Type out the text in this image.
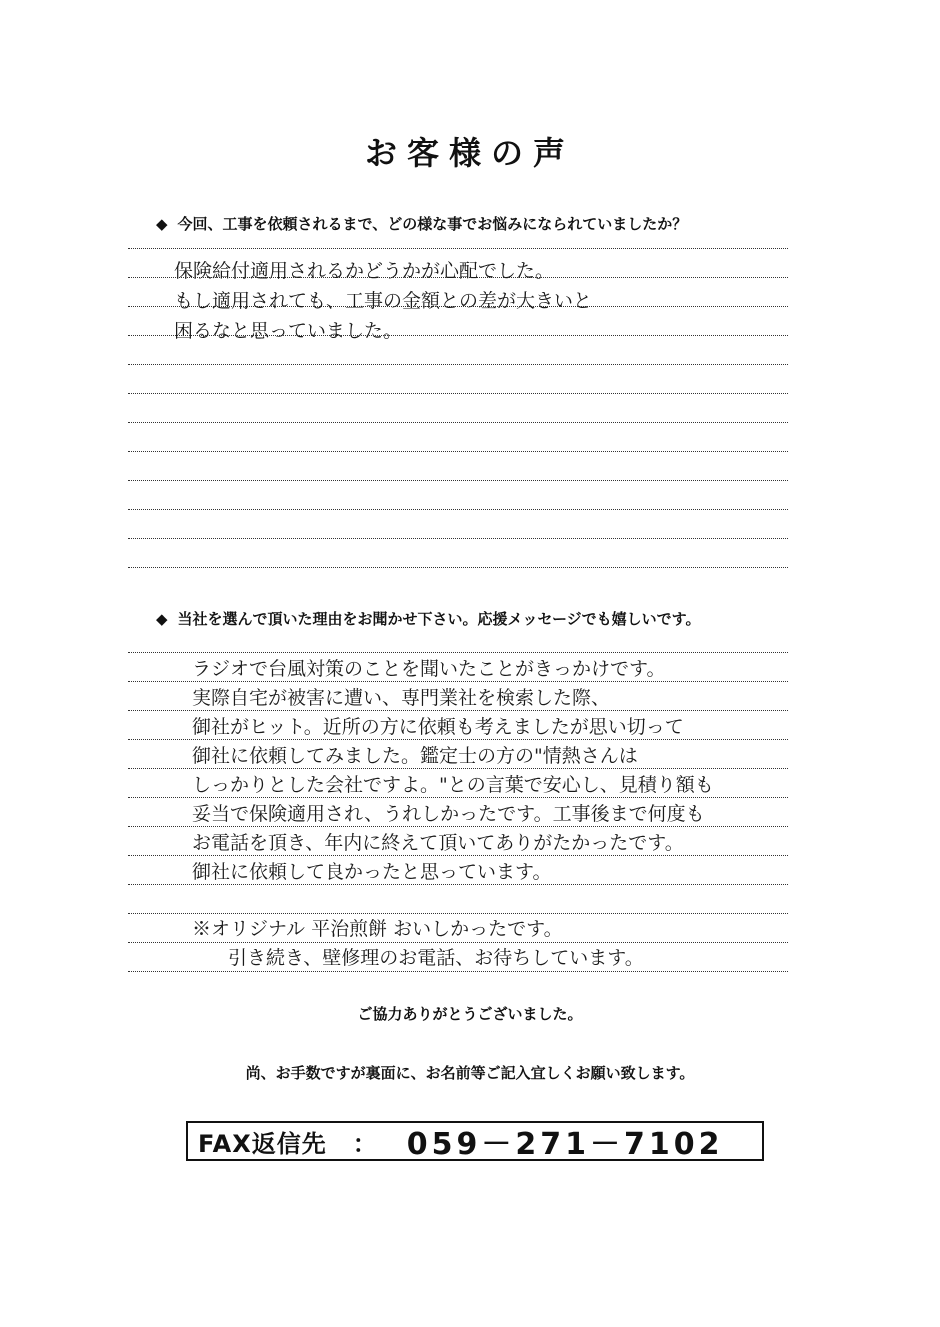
お客様の声
◆ 今回、工事を依頼されるまで、どの様な事でお悩みになられていましたか？
保険給付適用されるかどうかが心配でした。
もし適用されても、工事の金額との差が大きいと
困るなと思っていました。
◆ 当社を選んで頂いた理由をお聞かせ下さい。応援メッセージでも嬉しいです。
ラジオで台風対策のことを聞いたことがきっかけです。
実際自宅が被害に遭い、専門業社を検索した際、
御社がヒット。近所の方に依頼も考えましたが思い切って
御社に依頼してみました。鑑定士の方の"情熱さんは
しっかりとした会社ですよ。"との言葉で安心し、見積り額も
妥当で保険適用され、うれしかったです。工事後まで何度も
お電話を頂き、年内に終えて頂いてありがたかったです。
御社に依頼して良かったと思っています。
※オリジナル 平治煎餅 おいしかったです。
引き続き、壁修理のお電話、お待ちしています。
ご協力ありがとうございました。
尚、お手数ですが裏面に、お名前等ご記入宜しくお願い致します。
FAX返信先 ： 059－271－7102
